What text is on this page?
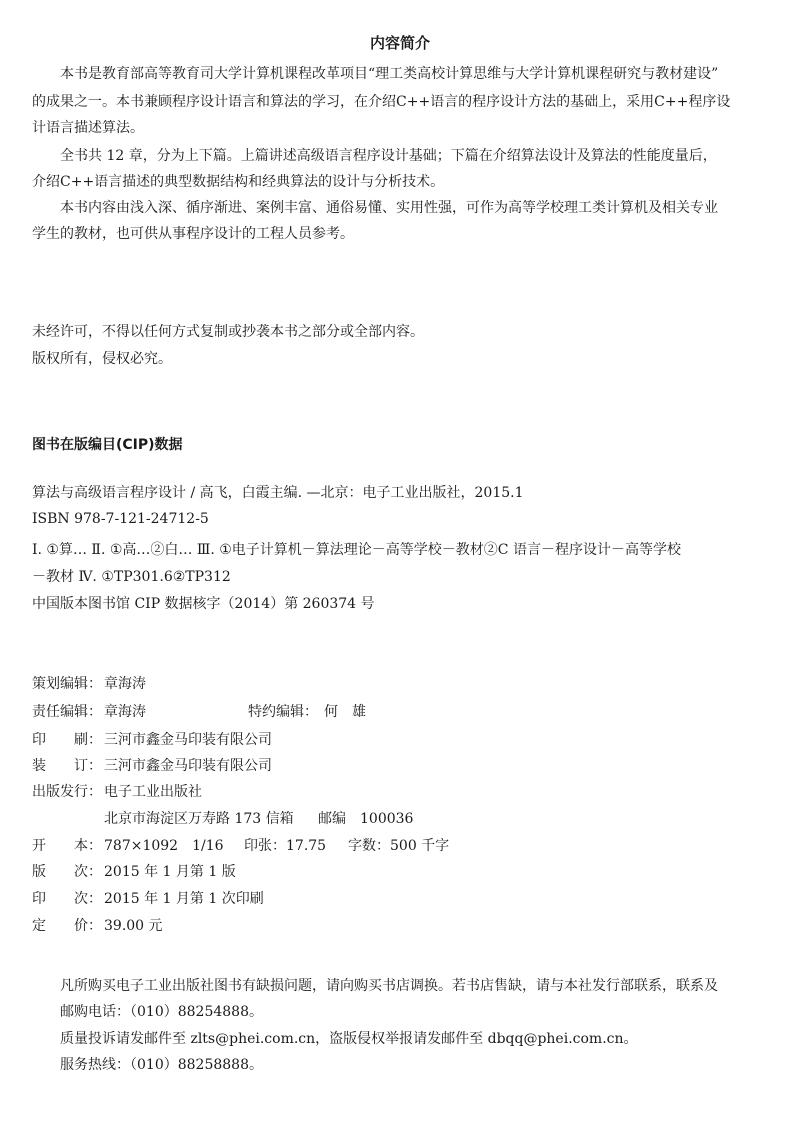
内容简介
本书是教育部高等教育司大学计算机课程改革项目“理工类高校计算思维与大学计算机课程研究与教材建设”
的成果之一。本书兼顾程序设计语言和算法的学习，在介绍C++语言的程序设计方法的基础上，采用C++程序设
计语言描述算法。
全书共 12 章，分为上下篇。上篇讲述高级语言程序设计基础；下篇在介绍算法设计及算法的性能度量后，
介绍C++语言描述的典型数据结构和经典算法的设计与分析技术。
本书内容由浅入深、循序渐进、案例丰富、通俗易懂、实用性强，可作为高等学校理工类计算机及相关专业
学生的教材，也可供从事程序设计的工程人员参考。
未经许可，不得以任何方式复制或抄袭本书之部分或全部内容。
版权所有，侵权必究。
图书在版编目(CIP)数据
算法与高级语言程序设计 / 高飞，白霞主编. —北京：电子工业出版社，2015.1
ISBN 978-7-121-24712-5
Ⅰ. ①算… Ⅱ. ①高…②白… Ⅲ. ①电子计算机－算法理论－高等学校－教材②C 语言－程序设计－高等学校
－教材 Ⅳ. ①TP301.6②TP312
中国版本图书馆 CIP 数据核字（2014）第 260374 号
策划编辑： 章海涛
责任编辑： 章海涛	特约编辑： 何　雄
印　　刷： 三河市鑫金马印装有限公司
装　　订： 三河市鑫金马印装有限公司
出版发行： 电子工业出版社
北京市海淀区万寿路 173 信箱 邮编　100036
开　　本： 787×1092　1/16 印张：17.75 字数：500 千字
版　　次： 2015 年 1 月第 1 版
印　　次： 2015 年 1 月第 1 次印刷
定　　价： 39.00 元
凡所购买电子工业出版社图书有缺损问题，请向购买书店调换。若书店售缺，请与本社发行部联系，联系及
邮购电话：（010）88254888。
质量投诉请发邮件至 zlts@phei.com.cn，盗版侵权举报请发邮件至 dbqq@phei.com.cn。
服务热线：（010）88258888。
